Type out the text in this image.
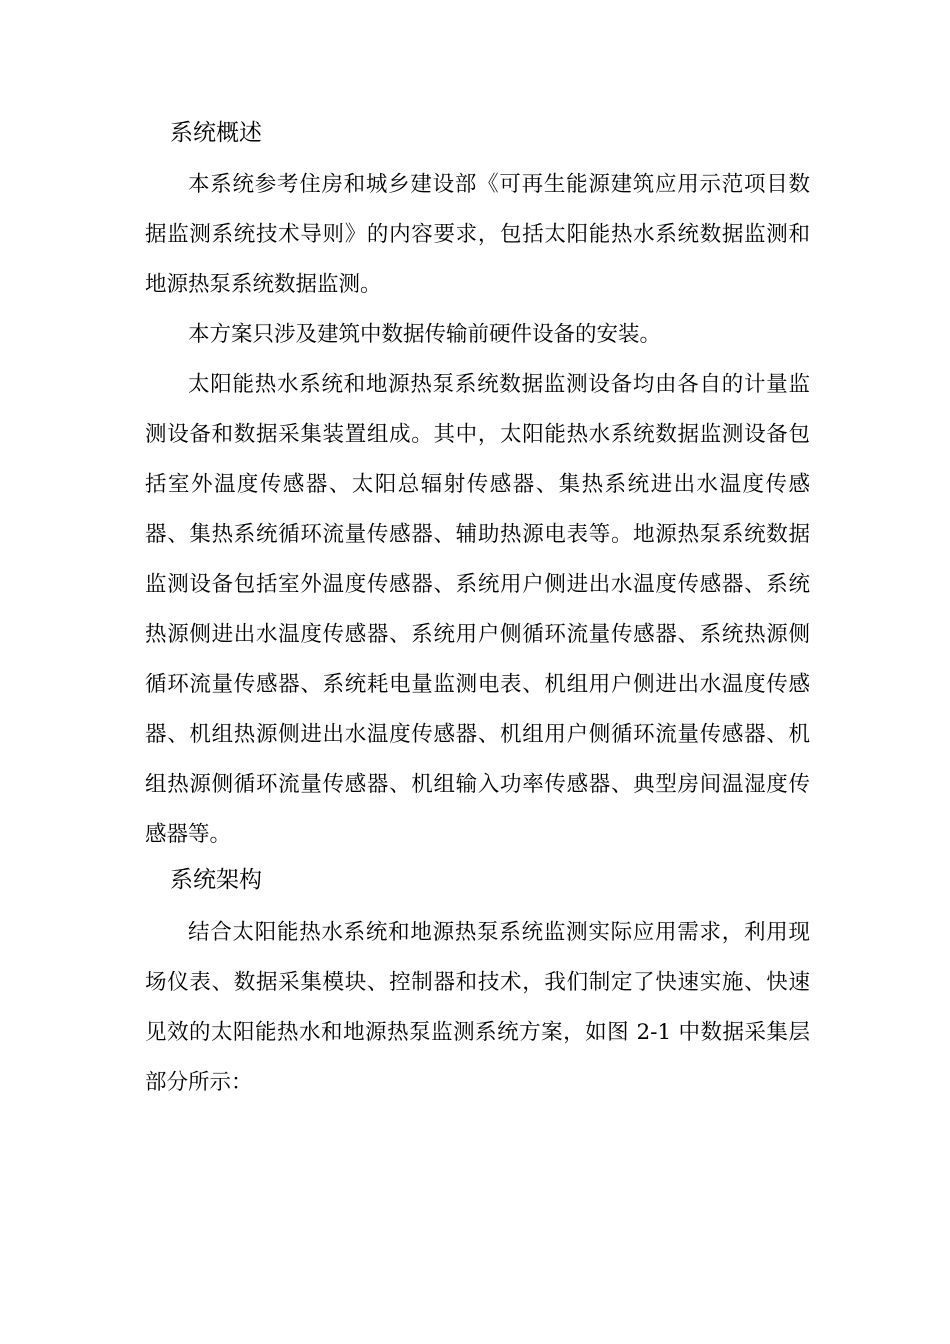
系统概述

本系统参考住房和城乡建设部《可再生能源建筑应用示范项目数据监测系统技术导则》的内容要求，包括太阳能热水系统数据监测和地源热泵系统数据监测。

本方案只涉及建筑中数据传输前硬件设备的安装。

太阳能热水系统和地源热泵系统数据监测设备均由各自的计量监测设备和数据采集装置组成。其中，太阳能热水系统数据监测设备包括室外温度传感器、太阳总辐射传感器、集热系统进出水温度传感器、集热系统循环流量传感器、辅助热源电表等。地源热泵系统数据监测设备包括室外温度传感器、系统用户侧进出水温度传感器、系统热源侧进出水温度传感器、系统用户侧循环流量传感器、系统热源侧循环流量传感器、系统耗电量监测电表、机组用户侧进出水温度传感器、机组热源侧进出水温度传感器、机组用户侧循环流量传感器、机组热源侧循环流量传感器、机组输入功率传感器、典型房间温湿度传感器等。

系统架构

结合太阳能热水系统和地源热泵系统监测实际应用需求，利用现场仪表、数据采集模块、控制器和技术，我们制定了快速实施、快速见效的太阳能热水和地源热泵监测系统方案，如图 2-1 中数据采集层部分所示：
